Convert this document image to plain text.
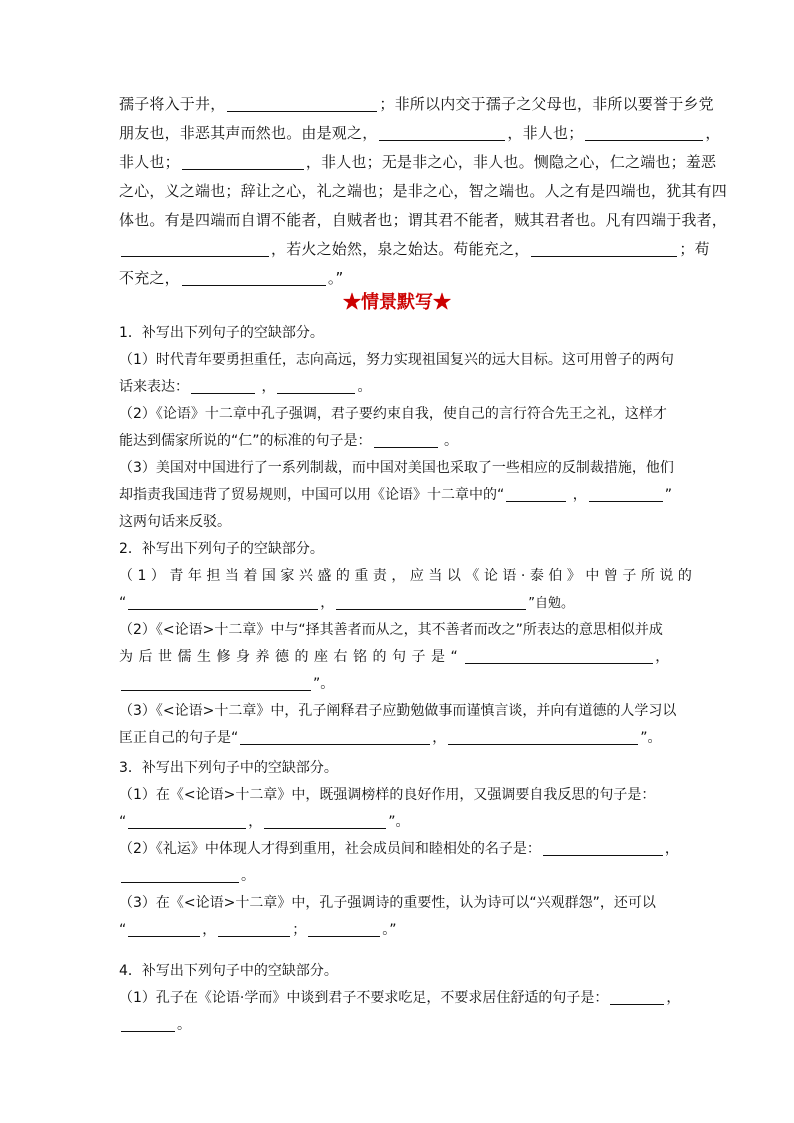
孺子将入于井，	；非所以内交于孺子之父母也，非所以要誉于乡党

朋友也，非恶其声而然也。由是观之，	，非人也；	，

非人也；	，非人也；无是非之心，非人也。恻隐之心，仁之端也；羞恶

之心，义之端也；辞让之心，礼之端也；是非之心，智之端也。人之有是四端也，犹其有四

体也。有是四端而自谓不能者，自贼者也；谓其君不能者，贼其君者也。凡有四端于我者，

，若火之始然，泉之始达。苟能充之，	；苟

不充之，	。”

★情景默写★

1．补写出下列句子的空缺部分。

（1）时代青年要勇担重任，志向高远，努力实现祖国复兴的远大目标。这可用曾子的两句

话来表达：	，	。

（2）《论语》十二章中孔子强调，君子要约束自我，使自己的言行符合先王之礼，这样才

能达到儒家所说的“仁”的标准的句子是：	。

（3）美国对中国进行了一系列制裁，而中国对美国也采取了一些相应的反制裁措施，他们

却指责我国违背了贸易规则，中国可以用《论语》十二章中的“	，	”

这两句话来反驳。

2．补写出下列句子的空缺部分。

（1）青年担当着国家兴盛的重责，应当以《论语·泰伯》中曾子所说的

“	，	”自勉。

（2）《<论语>十二章》中与“择其善者而从之，其不善者而改之”所表达的意思相似并成

为后世儒生修身养德的座右铭的句子是“	，

”。

（3）《<论语>十二章》中，孔子阐释君子应勤勉做事而谨慎言谈，并向有道德的人学习以

匡正自己的句子是“	，	”。

3．补写出下列句子中的空缺部分。

（1）在《<论语>十二章》中，既强调榜样的良好作用，又强调要自我反思的句子是：

“	，	”。

（2）《礼运》中体现人才得到重用，社会成员间和睦相处的名子是：	，

。

（3）在《<论语>十二章》中，孔子强调诗的重要性，认为诗可以“兴观群怨”，还可以

“	，	；	。”

4．补写出下列句子中的空缺部分。

（1）孔子在《论语·学而》中谈到君子不要求吃足，不要求居住舒适的句子是：	，

。
